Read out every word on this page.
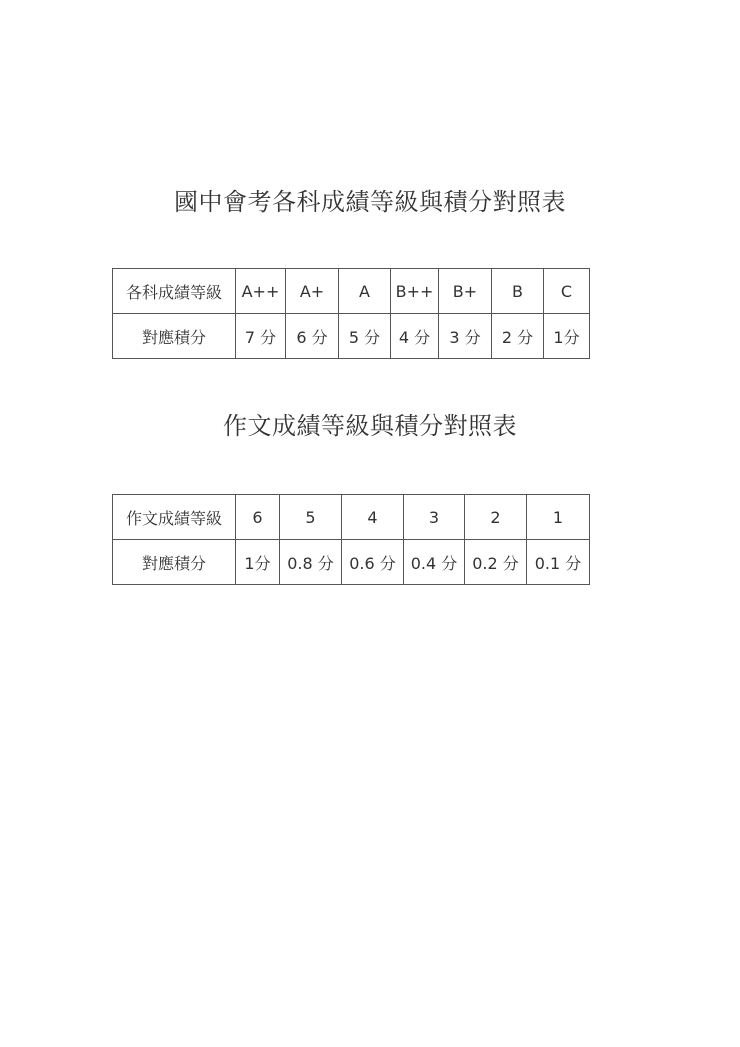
國中會考各科成績等級與積分對照表
各科成績等級	A++	A+	A	B++	B+	B	C
對應積分	7 分	6 分	5 分	4 分	3 分	2 分	1分
作文成績等級與積分對照表
作文成績等級	6	5	4	3	2	1
對應積分	1分	0.8 分	0.6 分	0.4 分	0.2 分	0.1 分
